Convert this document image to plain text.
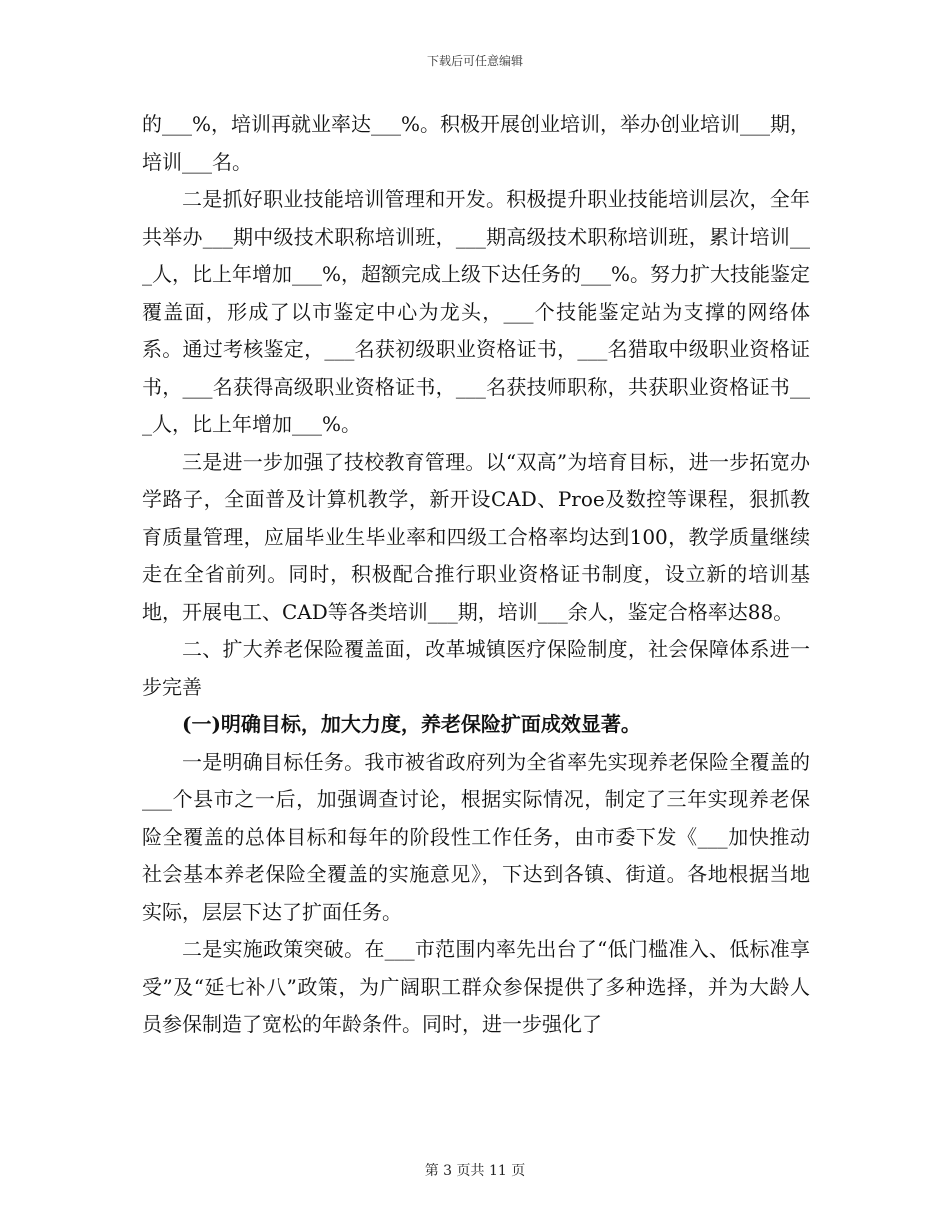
下载后可任意编辑

的___%，培训再就业率达___%。积极开展创业培训，举办创业培训___期，培训___名。

二是抓好职业技能培训管理和开发。积极提升职业技能培训层次，全年共举办___期中级技术职称培训班，___期高级技术职称培训班，累计培训___人，比上年增加___%，超额完成上级下达任务的___%。努力扩大技能鉴定覆盖面，形成了以市鉴定中心为龙头，___个技能鉴定站为支撑的网络体系。通过考核鉴定，___名获初级职业资格证书，___名猎取中级职业资格证书，___名获得高级职业资格证书，___名获技师职称，共获职业资格证书___人，比上年增加___%。

三是进一步加强了技校教育管理。以“双高”为培育目标，进一步拓宽办学路子，全面普及计算机教学，新开设CAD、Proe及数控等课程，狠抓教育质量管理，应届毕业生毕业率和四级工合格率均达到100，教学质量继续走在全省前列。同时，积极配合推行职业资格证书制度，设立新的培训基地，开展电工、CAD等各类培训___期，培训___余人，鉴定合格率达88。

二、扩大养老保险覆盖面，改革城镇医疗保险制度，社会保障体系进一步完善

(一)明确目标，加大力度，养老保险扩面成效显著。

一是明确目标任务。我市被省政府列为全省率先实现养老保险全覆盖的___个县市之一后，加强调查讨论，根据实际情况，制定了三年实现养老保险全覆盖的总体目标和每年的阶段性工作任务，由市委下发《___加快推动社会基本养老保险全覆盖的实施意见》，下达到各镇、街道。各地根据当地实际，层层下达了扩面任务。

二是实施政策突破。在___市范围内率先出台了“低门槛准入、低标准享受”及“延七补八”政策，为广阔职工群众参保提供了多种选择，并为大龄人员参保制造了宽松的年龄条件。同时，进一步强化了

第 3 页共 11 页
